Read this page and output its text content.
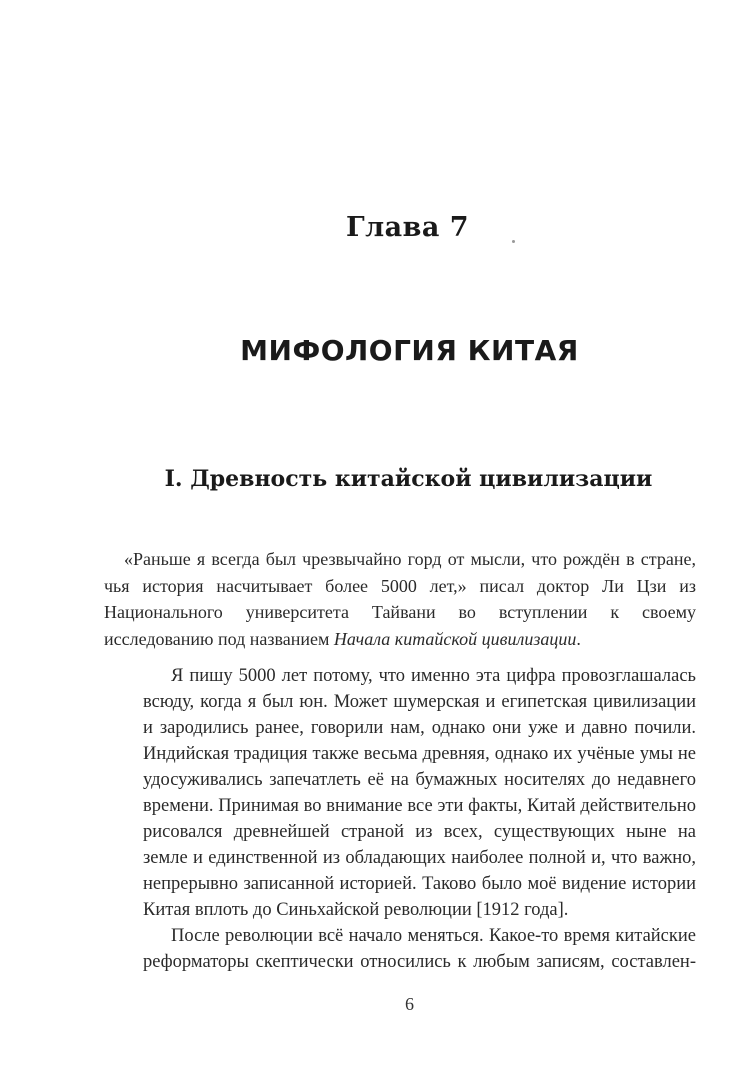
Глава 7
МИФОЛОГИЯ КИТАЯ
I. Древность китайской цивилизации
«Раньше я всегда был чрезвычайно горд от мысли, что рождён в стране, чья история насчитывает более 5000 лет,» писал доктор Ли Цзи из Национального университета Тайвани во вступлении к своему исследованию под названием Начала китайской цивилизации.

Я пишу 5000 лет потому, что именно эта цифра провозглашалась всюду, когда я был юн. Может шумерская и египетская цивилизации и зародились ранее, говорили нам, однако они уже и давно почили. Индийская традиция также весьма древняя, однако их учёные умы не удосуживались запечатлеть её на бумажных носителях до недавнего времени. Принимая во внимание все эти факты, Китай действительно рисовался древнейшей страной из всех, существующих ныне на земле и единственной из обладающих наиболее полной и, что важно, непрерывно записанной историей. Таково было моё видение истории Китая вплоть до Синьхайской революции [1912 года].

После революции всё начало меняться. Какое-то время китайские реформаторы скептически относились к любым записям, составлен-

6
